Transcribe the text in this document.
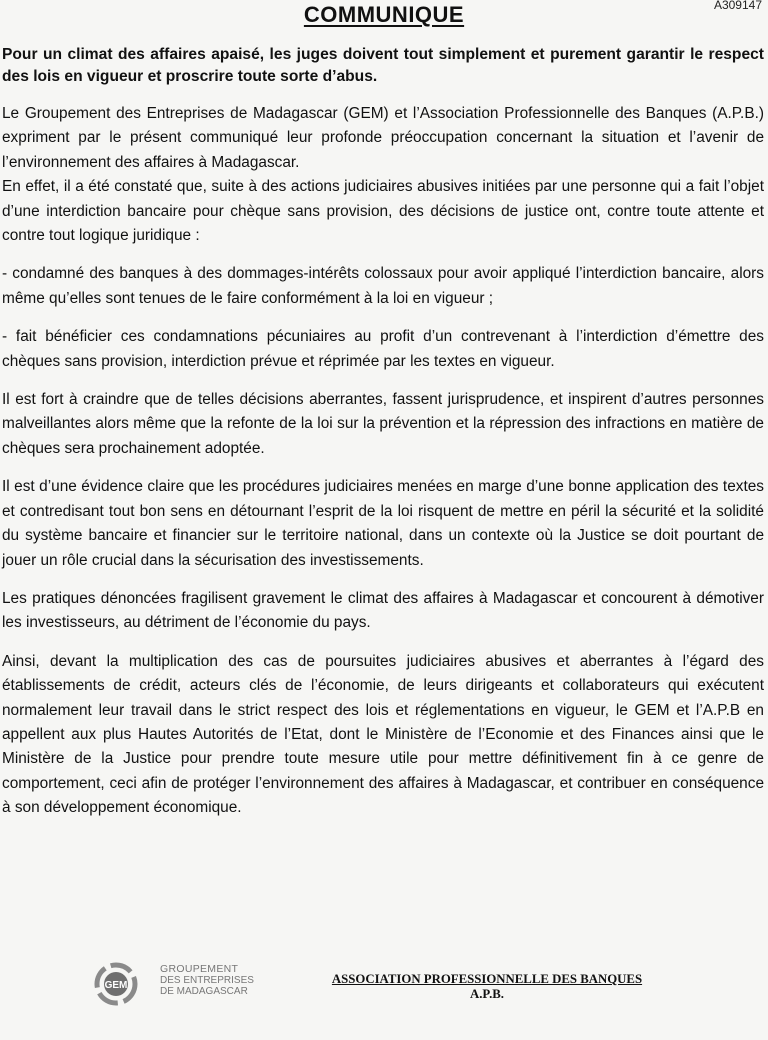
A309147
COMMUNIQUE

Pour un climat des affaires apaisé, les juges doivent tout simplement et purement garantir le respect des lois en vigueur et proscrire toute sorte d’abus.

Le Groupement des Entreprises de Madagascar (GEM) et l’Association Professionnelle des Banques (A.P.B.) expriment par le présent communiqué leur profonde préoccupation concernant la situation et l’avenir de l’environnement des affaires à Madagascar.

En effet, il a été constaté que, suite à des actions judiciaires abusives initiées par une personne qui a fait l’objet d’une interdiction bancaire pour chèque sans provision, des décisions de justice ont, contre toute attente et contre tout logique juridique :

- condamné des banques à des dommages-intérêts colossaux pour avoir appliqué l’interdiction bancaire, alors même qu’elles sont tenues de le faire conformément à la loi en vigueur ;

- fait bénéficier ces condamnations pécuniaires au profit d’un contrevenant à l’interdiction d’émettre des chèques sans provision, interdiction prévue et réprimée par les textes en vigueur.

Il est fort à craindre que de telles décisions aberrantes, fassent jurisprudence, et inspirent d’autres personnes malveillantes alors même que la refonte de la loi sur la prévention et la répression des infractions en matière de chèques sera prochainement adoptée.

Il est d’une évidence claire que les procédures judiciaires menées en marge d’une bonne application des textes et contredisant tout bon sens en détournant l’esprit de la loi risquent de mettre en péril la sécurité et la solidité du système bancaire et financier sur le territoire national, dans un contexte où la Justice se doit pourtant de jouer un rôle crucial dans la sécurisation des investissements.

Les pratiques dénoncées fragilisent gravement le climat des affaires à Madagascar et concourent à démotiver les investisseurs, au détriment de l’économie du pays.

Ainsi, devant la multiplication des cas de poursuites judiciaires abusives et aberrantes à l’égard des établissements de crédit, acteurs clés de l’économie, de leurs dirigeants et collaborateurs qui exécutent normalement leur travail dans le strict respect des lois et réglementations en vigueur, le GEM et l’A.P.B en appellent aux plus Hautes Autorités de l’Etat, dont le Ministère de l’Economie et des Finances ainsi que le Ministère de la Justice pour prendre toute mesure utile pour mettre définitivement fin à ce genre de comportement, ceci afin de protéger l’environnement des affaires à Madagascar, et contribuer en conséquence à son développement économique.

GEM
GROUPEMENT
DES ENTREPRISES
DE MADAGASCAR
ASSOCIATION PROFESSIONNELLE DES BANQUES
A.P.B.
